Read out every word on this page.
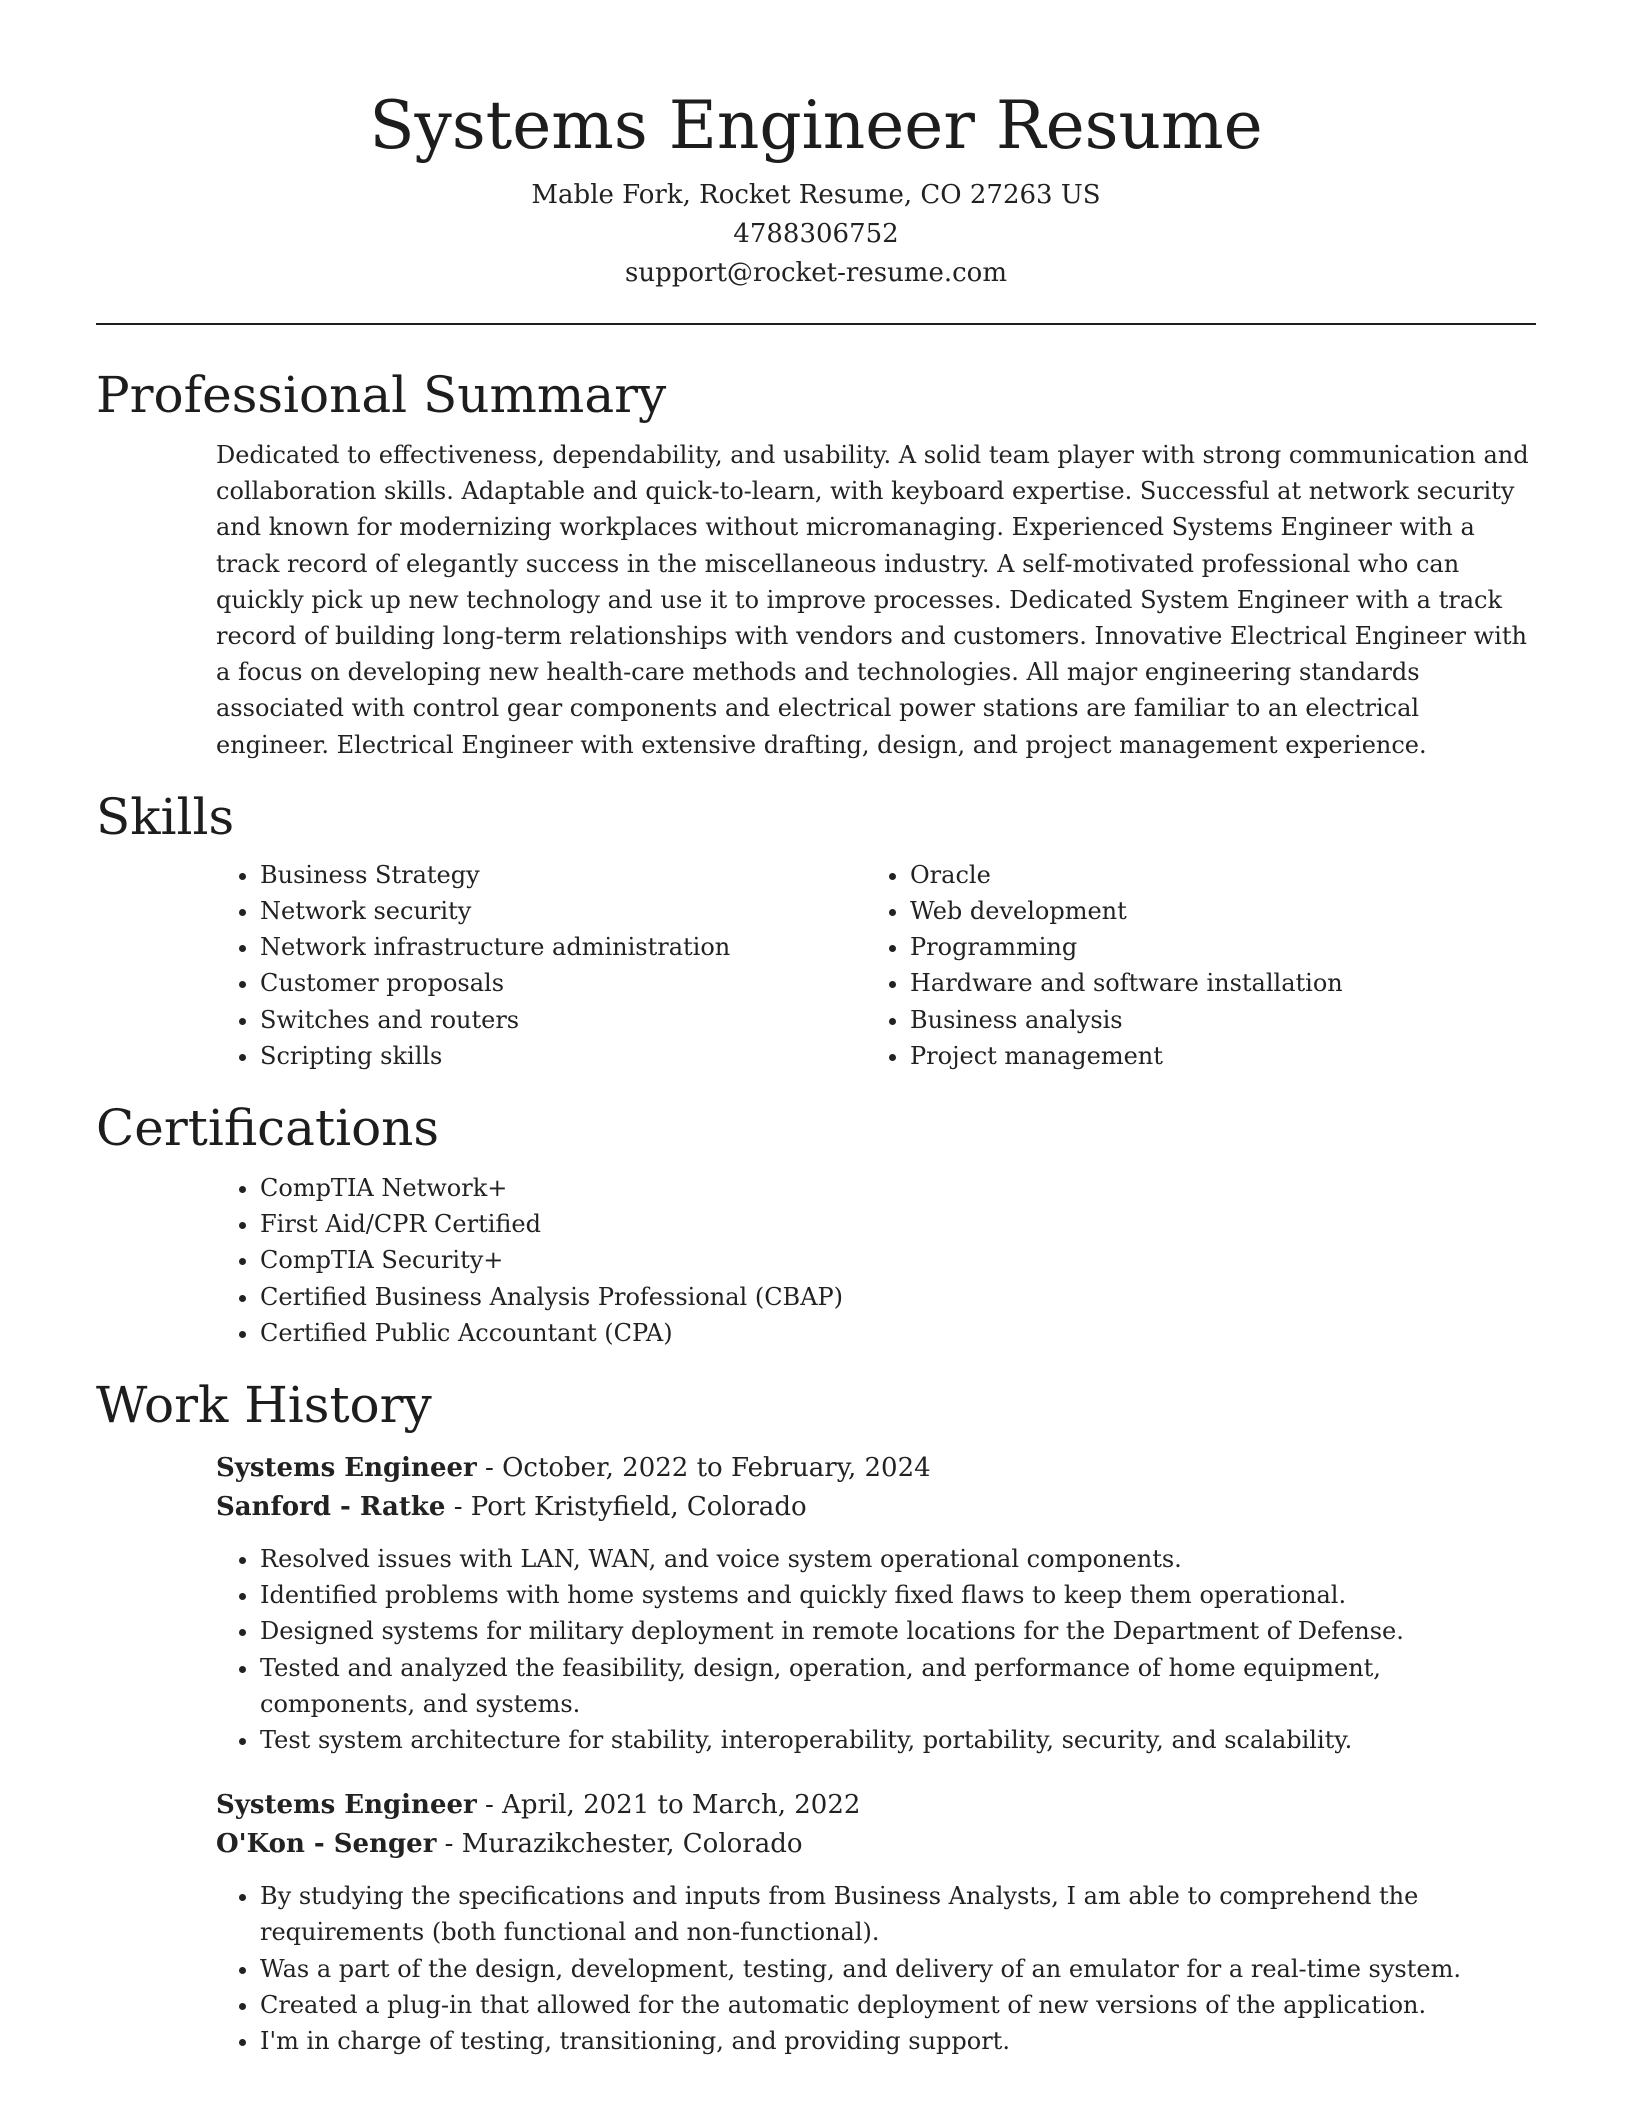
Systems Engineer Resume
Mable Fork, Rocket Resume, CO 27263 US
4788306752
support@rocket-resume.com
Professional Summary
Dedicated to effectiveness, dependability, and usability. A solid team player with strong communication and collaboration skills. Adaptable and quick-to-learn, with keyboard expertise. Successful at network security and known for modernizing workplaces without micromanaging. Experienced Systems Engineer with a track record of elegantly success in the miscellaneous industry. A self-motivated professional who can quickly pick up new technology and use it to improve processes. Dedicated System Engineer with a track record of building long-term relationships with vendors and customers. Innovative Electrical Engineer with a focus on developing new health-care methods and technologies. All major engineering standards associated with control gear components and electrical power stations are familiar to an electrical engineer. Electrical Engineer with extensive drafting, design, and project management experience.
Skills
• Business Strategy
• Network security
• Network infrastructure administration
• Customer proposals
• Switches and routers
• Scripting skills
• Oracle
• Web development
• Programming
• Hardware and software installation
• Business analysis
• Project management
Certifications
• CompTIA Network+
• First Aid/CPR Certified
• CompTIA Security+
• Certified Business Analysis Professional (CBAP)
• Certified Public Accountant (CPA)
Work History
Systems Engineer - October, 2022 to February, 2024
Sanford - Ratke - Port Kristyfield, Colorado
• Resolved issues with LAN, WAN, and voice system operational components.
• Identified problems with home systems and quickly fixed flaws to keep them operational.
• Designed systems for military deployment in remote locations for the Department of Defense.
• Tested and analyzed the feasibility, design, operation, and performance of home equipment, components, and systems.
• Test system architecture for stability, interoperability, portability, security, and scalability.
Systems Engineer - April, 2021 to March, 2022
O'Kon - Senger - Murazikchester, Colorado
• By studying the specifications and inputs from Business Analysts, I am able to comprehend the requirements (both functional and non-functional).
• Was a part of the design, development, testing, and delivery of an emulator for a real-time system.
• Created a plug-in that allowed for the automatic deployment of new versions of the application.
• I'm in charge of testing, transitioning, and providing support.
